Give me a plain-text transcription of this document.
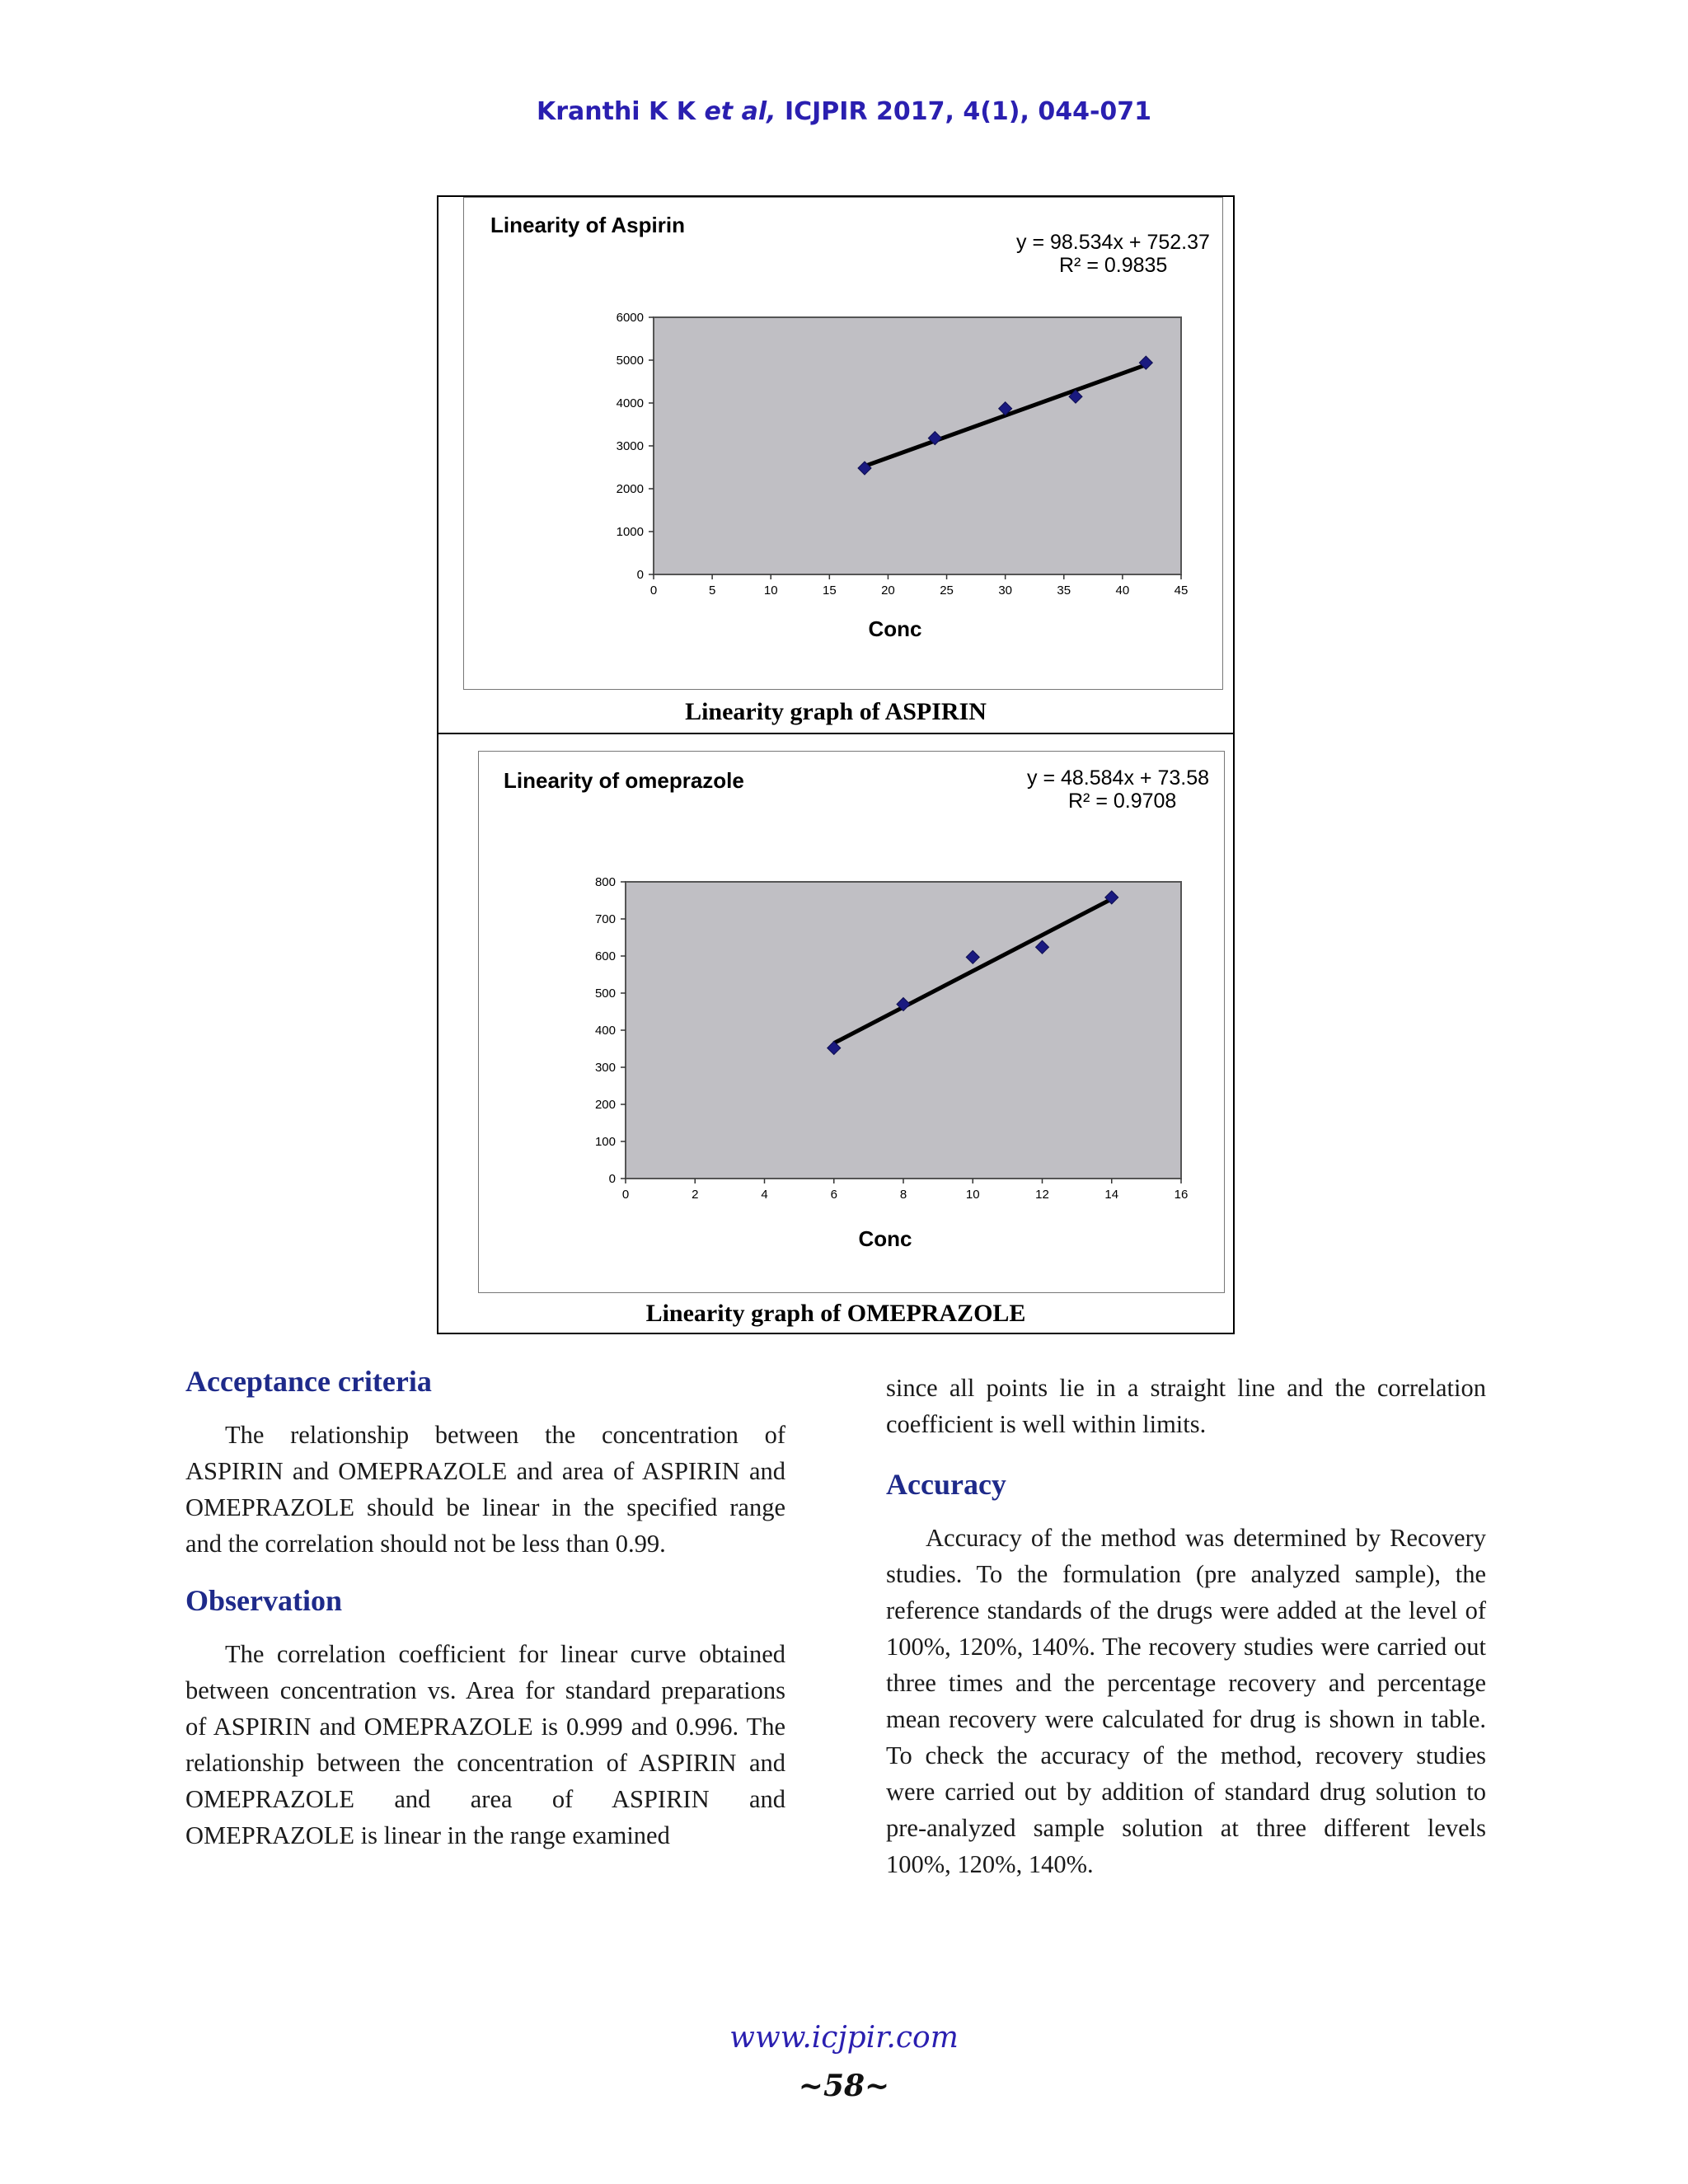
Kranthi K K et al, ICJPIR 2017, 4(1), 044-071
Linearity of Aspirin
y = 98.534x + 752.37
R² = 0.9835
0
1000
2000
3000
4000
5000
6000
0	5	10	15	20	25	30	35	40	45
Conc
Linearity graph of ASPIRIN
Linearity of omeprazole	y = 48.584x + 73.58
R² = 0.9708
0
100
200
300
400
500
600
700
800
0	2	4	6	8	10	12	14	16
Conc
Linearity graph of OMEPRAZOLE
Acceptance criteria

The relationship between the concentration of ASPIRIN and OMEPRAZOLE and area of ASPIRIN and OMEPRAZOLE should be linear in the specified range and the correlation should not be less than 0.99.

Observation

The correlation coefficient for linear curve obtained between concentration vs. Area for standard preparations of ASPIRIN and OMEPRAZOLE is 0.999 and 0.996. The relationship between the concentration of ASPIRIN and OMEPRAZOLE and area of ASPIRIN and OMEPRAZOLE is linear in the range examined

since all points lie in a straight line and the correlation coefficient is well within limits.

Accuracy

Accuracy of the method was determined by Recovery studies. To the formulation (pre analyzed sample), the reference standards of the drugs were added at the level of 100%, 120%, 140%. The recovery studies were carried out three times and the percentage recovery and percentage mean recovery were calculated for drug is shown in table. To check the accuracy of the method, recovery studies were carried out by addition of standard drug solution to pre-analyzed sample solution at three different levels 100%, 120%, 140%.

www.icjpir.com
~58~
